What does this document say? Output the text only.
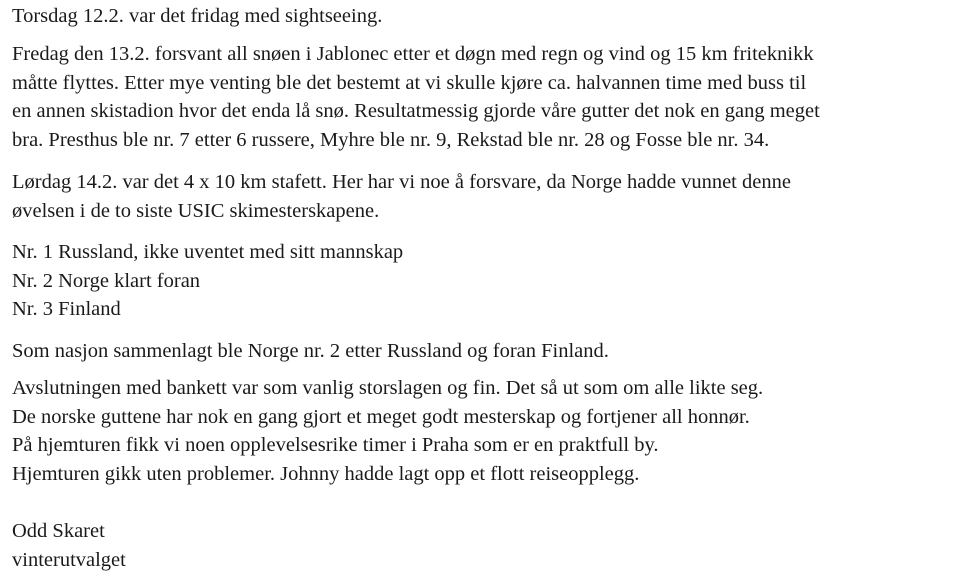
Torsdag 12.2. var det fridag med sightseeing.

Fredag den 13.2. forsvant all snøen i Jablonec etter et døgn med regn og vind og 15 km friteknikk
måtte flyttes. Etter mye venting ble det bestemt at vi skulle kjøre ca. halvannen time med buss til
en annen skistadion hvor det enda lå snø. Resultatmessig gjorde våre gutter det nok en gang meget
bra. Presthus ble nr. 7 etter 6 russere, Myhre ble nr. 9, Rekstad ble nr. 28 og Fosse ble nr. 34.

Lørdag 14.2. var det 4 x 10 km stafett. Her har vi noe å forsvare, da Norge hadde vunnet denne
øvelsen i de to siste USIC skimesterskapene.

Nr. 1 Russland, ikke uventet med sitt mannskap
Nr. 2 Norge klart foran
Nr. 3 Finland

Som nasjon sammenlagt ble Norge nr. 2 etter Russland og foran Finland.

Avslutningen med bankett var som vanlig storslagen og fin. Det så ut som om alle likte seg.
De norske guttene har nok en gang gjort et meget godt mesterskap og fortjener all honnør.
På hjemturen fikk vi noen opplevelsesrike timer i Praha som er en praktfull by.
Hjemturen gikk uten problemer. Johnny hadde lagt opp et flott reiseopplegg.

Odd Skaret
vinterutvalget
